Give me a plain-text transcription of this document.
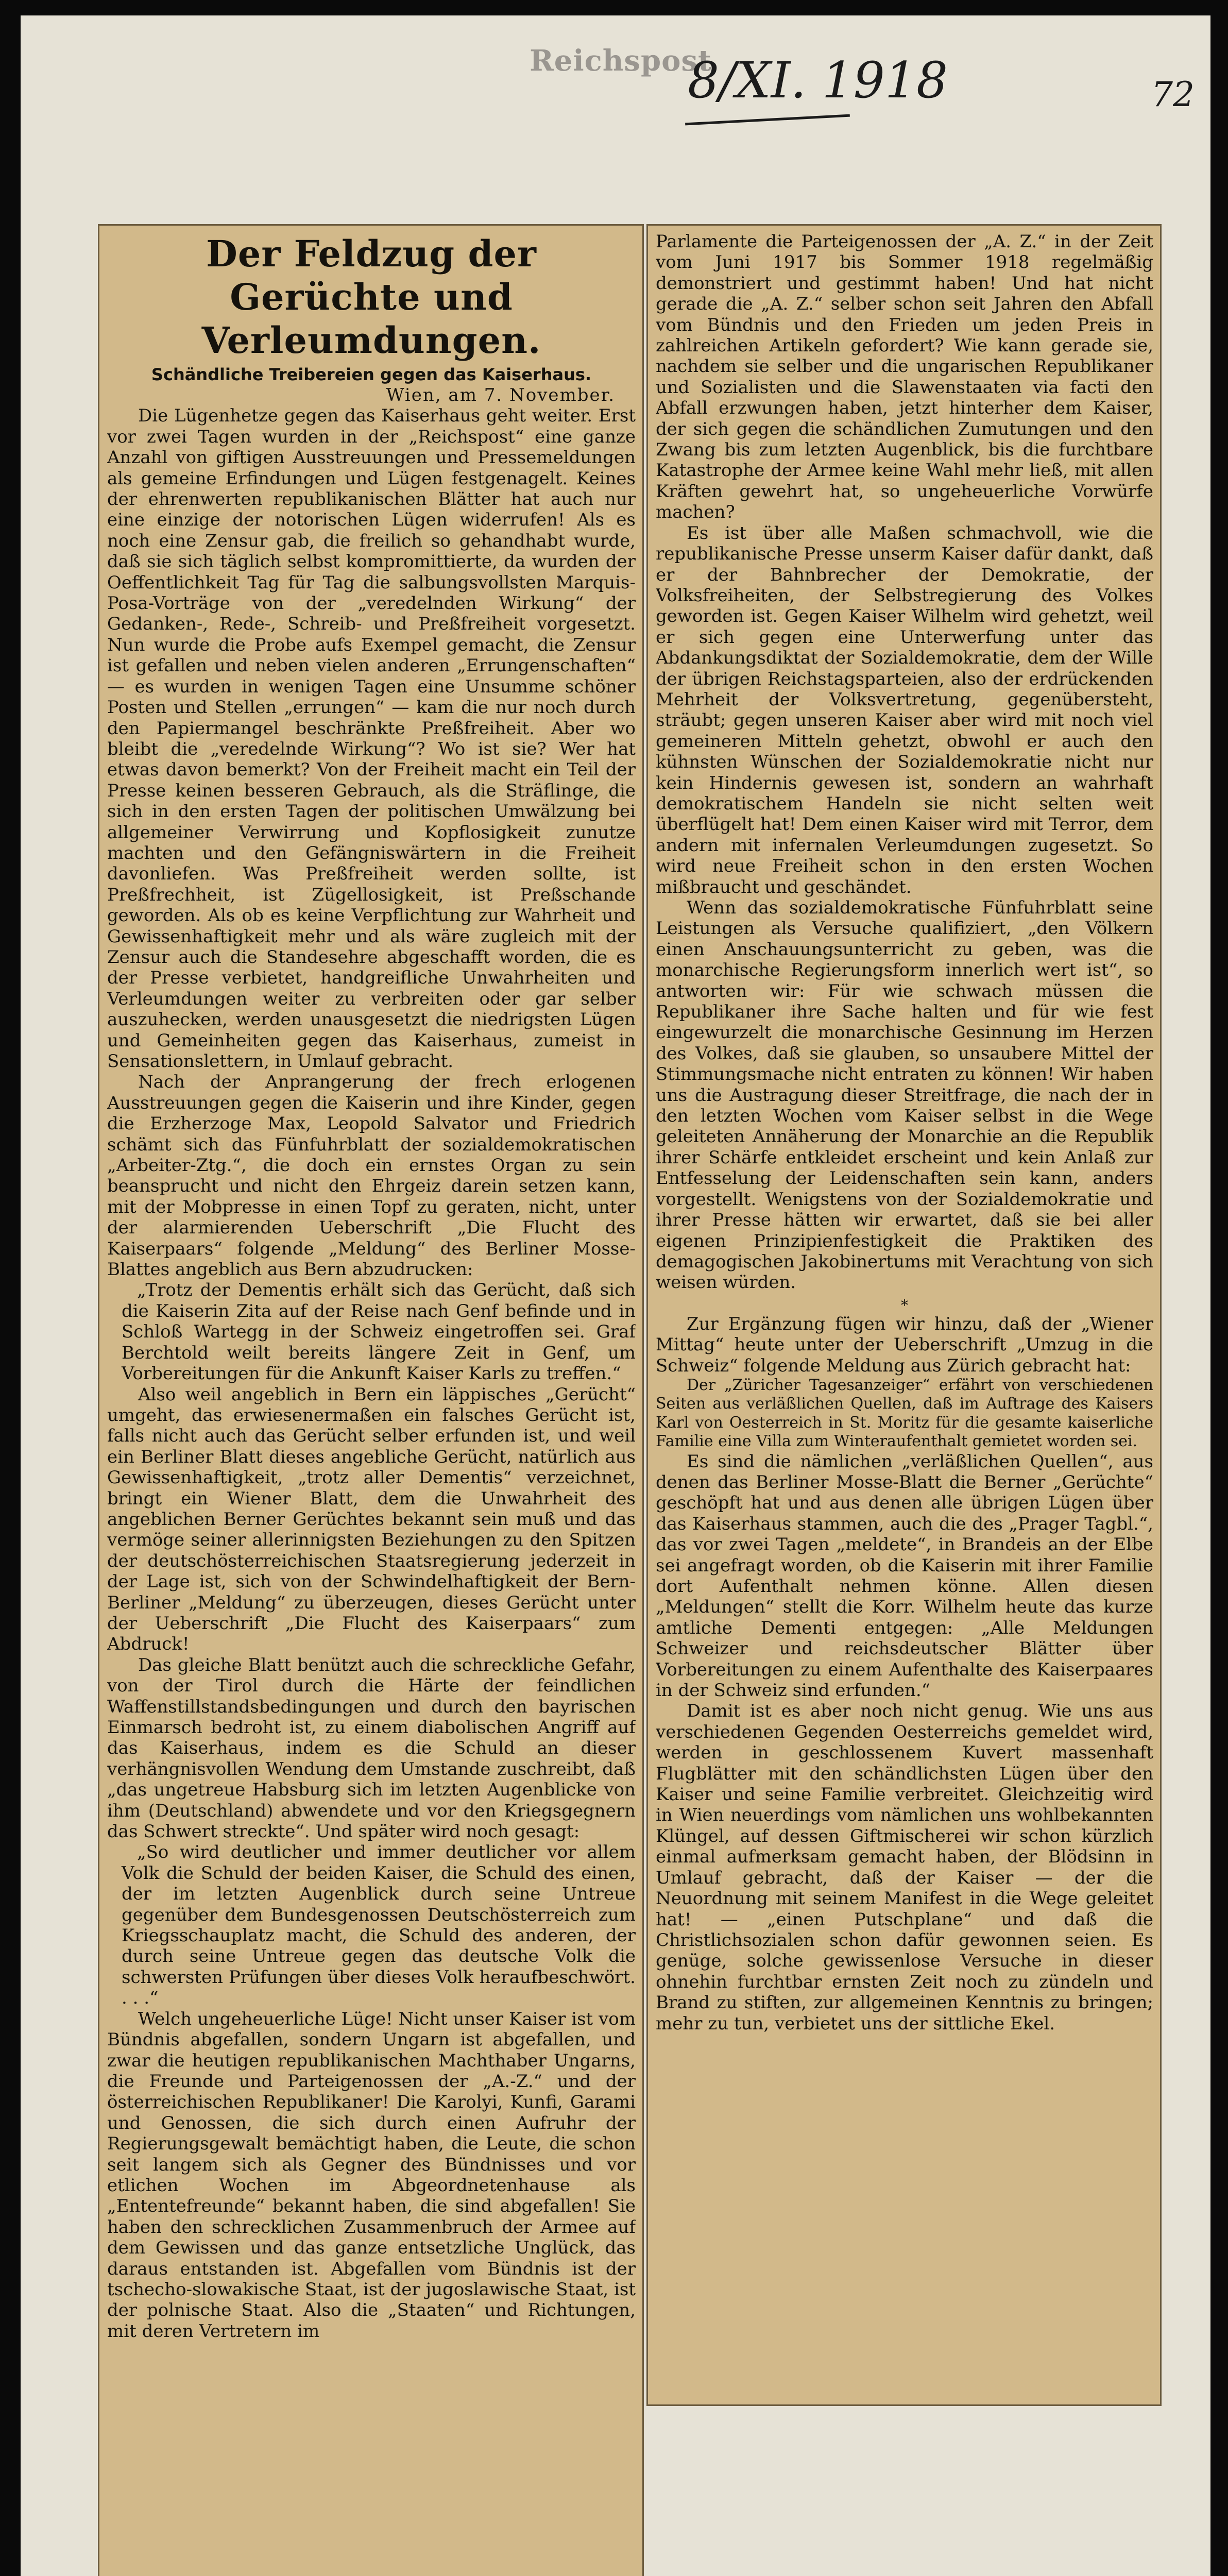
Reichspost
8/XI. 1918	72
Der Feldzug der Gerüchte und Verleumdungen.
Schändliche Treibereien gegen das Kaiserhaus.

Wien, am 7. November.

Die Lügenhetze gegen das Kaiserhaus geht weiter. Erst vor zwei Tagen wurden in der „Reichspost“ eine ganze Anzahl von giftigen Ausstreuungen und Pressemeldungen als gemeine Erfindungen und Lügen festgenagelt. Keines der ehrenwerten republikanischen Blätter hat auch nur eine einzige der notorischen Lügen widerrufen! Als es noch eine Zensur gab, die freilich so gehandhabt wurde, daß sie sich täglich selbst kompromittierte, da wurden der Oeffentlichkeit Tag für Tag die salbungsvollsten Marquis-Posa-Vorträge von der „veredelnden Wirkung“ der Gedanken-, Rede-, Schreib- und Preßfreiheit vorgesetzt. Nun wurde die Probe aufs Exempel gemacht, die Zensur ist gefallen und neben vielen anderen „Errungenschaften“ — es wurden in wenigen Tagen eine Unsumme schöner Posten und Stellen „errungen“ — kam die nur noch durch den Papiermangel beschränkte Preßfreiheit. Aber wo bleibt die „veredelnde Wirkung“? Wo ist sie? Wer hat etwas davon bemerkt? Von der Freiheit macht ein Teil der Presse keinen besseren Gebrauch, als die Sträflinge, die sich in den ersten Tagen der politischen Umwälzung bei allgemeiner Verwirrung und Kopflosigkeit zunutze machten und den Gefängniswärtern in die Freiheit davonliefen. Was Preßfreiheit werden sollte, ist Preßfrechheit, ist Zügellosigkeit, ist Preßschande geworden. Als ob es keine Verpflichtung zur Wahrheit und Gewissenhaftigkeit mehr und als wäre zugleich mit der Zensur auch die Standesehre abgeschafft worden, die es der Presse verbietet, handgreifliche Unwahrheiten und Verleumdungen weiter zu verbreiten oder gar selber auszuhecken, werden unausgesetzt die niedrigsten Lügen und Gemeinheiten gegen das Kaiserhaus, zumeist in Sensationslettern, in Umlauf gebracht.

Nach der Anprangerung der frech erlogenen Ausstreuungen gegen die Kaiserin und ihre Kinder, gegen die Erzherzoge Max, Leopold Salvator und Friedrich schämt sich das Fünfuhrblatt der sozialdemokratischen „Arbeiter-Ztg.“, die doch ein ernstes Organ zu sein beansprucht und nicht den Ehrgeiz darein setzen kann, mit der Mobpresse in einen Topf zu geraten, nicht, unter der alarmierenden Ueberschrift „Die Flucht des Kaiserpaars“ folgende „Meldung“ des Berliner Mosse-Blattes angeblich aus Bern abzudrucken:

„Trotz der Dementis erhält sich das Gerücht, daß sich die Kaiserin Zita auf der Reise nach Genf befinde und in Schloß Wartegg in der Schweiz eingetroffen sei. Graf Berchtold weilt bereits längere Zeit in Genf, um Vorbereitungen für die Ankunft Kaiser Karls zu treffen.“

Also weil angeblich in Bern ein läppisches „Gerücht“ umgeht, das erwiesenermaßen ein falsches Gerücht ist, falls nicht auch das Gerücht selber erfunden ist, und weil ein Berliner Blatt dieses angebliche Gerücht, natürlich aus Gewissenhaftigkeit, „trotz aller Dementis“ verzeichnet, bringt ein Wiener Blatt, dem die Unwahrheit des angeblichen Berner Gerüchtes bekannt sein muß und das vermöge seiner allerinnigsten Beziehungen zu den Spitzen der deutschösterreichischen Staatsregierung jederzeit in der Lage ist, sich von der Schwindelhaftigkeit der Bern-Berliner „Meldung“ zu überzeugen, dieses Gerücht unter der Ueberschrift „Die Flucht des Kaiserpaars“ zum Abdruck!

Das gleiche Blatt benützt auch die schreckliche Gefahr, von der Tirol durch die Härte der feindlichen Waffenstillstandsbedingungen und durch den bayrischen Einmarsch bedroht ist, zu einem diabolischen Angriff auf das Kaiserhaus, indem es die Schuld an dieser verhängnisvollen Wendung dem Umstande zuschreibt, daß „das ungetreue Habsburg sich im letzten Augenblicke von ihm (Deutschland) abwendete und vor den Kriegsgegnern das Schwert streckte“. Und später wird noch gesagt:

„So wird deutlicher und immer deutlicher vor allem Volk die Schuld der beiden Kaiser, die Schuld des einen, der im letzten Augenblick durch seine Untreue gegenüber dem Bundesgenossen Deutschösterreich zum Kriegsschauplatz macht, die Schuld des anderen, der durch seine Untreue gegen das deutsche Volk die schwersten Prüfungen über dieses Volk heraufbeschwört. . . .“

Welch ungeheuerliche Lüge! Nicht unser Kaiser ist vom Bündnis abgefallen, sondern Ungarn ist abgefallen, und zwar die heutigen republikanischen Machthaber Ungarns, die Freunde und Parteigenossen der „A.-Z.“ und der österreichischen Republikaner! Die Karolyi, Kunfi, Garami und Genossen, die sich durch einen Aufruhr der Regierungsgewalt bemächtigt haben, die Leute, die schon seit langem sich als Gegner des Bündnisses und vor etlichen Wochen im Abgeordnetenhause als „Ententefreunde“ bekannt haben, die sind abgefallen! Sie haben den schrecklichen Zusammenbruch der Armee auf dem Gewissen und das ganze entsetzliche Unglück, das daraus entstanden ist. Abgefallen vom Bündnis ist der tschecho-slowakische Staat, ist der jugoslawische Staat, ist der polnische Staat. Also die „Staaten“ und Richtungen, mit deren Vertretern im

Parlamente die Parteigenossen der „A. Z.“ in der Zeit vom Juni 1917 bis Sommer 1918 regelmäßig demonstriert und gestimmt haben! Und hat nicht gerade die „A. Z.“ selber schon seit Jahren den Abfall vom Bündnis und den Frieden um jeden Preis in zahlreichen Artikeln gefordert? Wie kann gerade sie, nachdem sie selber und die ungarischen Republikaner und Sozialisten und die Slawenstaaten via facti den Abfall erzwungen haben, jetzt hinterher dem Kaiser, der sich gegen die schändlichen Zumutungen und den Zwang bis zum letzten Augenblick, bis die furchtbare Katastrophe der Armee keine Wahl mehr ließ, mit allen Kräften gewehrt hat, so ungeheuerliche Vorwürfe machen?

Es ist über alle Maßen schmachvoll, wie die republikanische Presse unserm Kaiser dafür dankt, daß er der Bahnbrecher der Demokratie, der Volksfreiheiten, der Selbstregierung des Volkes geworden ist. Gegen Kaiser Wilhelm wird gehetzt, weil er sich gegen eine Unterwerfung unter das Abdankungsdiktat der Sozialdemokratie, dem der Wille der übrigen Reichstagsparteien, also der erdrückenden Mehrheit der Volksvertretung, gegenübersteht, sträubt; gegen unseren Kaiser aber wird mit noch viel gemeineren Mitteln gehetzt, obwohl er auch den kühnsten Wünschen der Sozialdemokratie nicht nur kein Hindernis gewesen ist, sondern an wahrhaft demokratischem Handeln sie nicht selten weit überflügelt hat! Dem einen Kaiser wird mit Terror, dem andern mit infernalen Verleumdungen zugesetzt. So wird neue Freiheit schon in den ersten Wochen mißbraucht und geschändet.

Wenn das sozialdemokratische Fünfuhrblatt seine Leistungen als Versuche qualifiziert, „den Völkern einen Anschauungsunterricht zu geben, was die monarchische Regierungsform innerlich wert ist“, so antworten wir: Für wie schwach müssen die Republikaner ihre Sache halten und für wie fest eingewurzelt die monarchische Gesinnung im Herzen des Volkes, daß sie glauben, so unsaubere Mittel der Stimmungsmache nicht entraten zu können! Wir haben uns die Austragung dieser Streitfrage, die nach der in den letzten Wochen vom Kaiser selbst in die Wege geleiteten Annäherung der Monarchie an die Republik ihrer Schärfe entkleidet erscheint und kein Anlaß zur Entfesselung der Leidenschaften sein kann, anders vorgestellt. Wenigstens von der Sozialdemokratie und ihrer Presse hätten wir erwartet, daß sie bei aller eigenen Prinzipienfestigkeit die Praktiken des demagogischen Jakobinertums mit Verachtung von sich weisen würden.

*

Zur Ergänzung fügen wir hinzu, daß der „Wiener Mittag“ heute unter der Ueberschrift „Umzug in die Schweiz“ folgende Meldung aus Zürich gebracht hat:

Der „Züricher Tagesanzeiger“ erfährt von verschiedenen Seiten aus verläßlichen Quellen, daß im Auftrage des Kaisers Karl von Oesterreich in St. Moritz für die gesamte kaiserliche Familie eine Villa zum Winteraufenthalt gemietet worden sei.

Es sind die nämlichen „verläßlichen Quellen“, aus denen das Berliner Mosse-Blatt die Berner „Gerüchte“ geschöpft hat und aus denen alle übrigen Lügen über das Kaiserhaus stammen, auch die des „Prager Tagbl.“, das vor zwei Tagen „meldete“, in Brandeis an der Elbe sei angefragt worden, ob die Kaiserin mit ihrer Familie dort Aufenthalt nehmen könne. Allen diesen „Meldungen“ stellt die Korr. Wilhelm heute das kurze amtliche Dementi entgegen: „Alle Meldungen Schweizer und reichsdeutscher Blätter über Vorbereitungen zu einem Aufenthalte des Kaiserpaares in der Schweiz sind erfunden.“

Damit ist es aber noch nicht genug. Wie uns aus verschiedenen Gegenden Oesterreichs gemeldet wird, werden in geschlossenem Kuvert massenhaft Flugblätter mit den schändlichsten Lügen über den Kaiser und seine Familie verbreitet. Gleichzeitig wird in Wien neuerdings vom nämlichen uns wohlbekannten Klüngel, auf dessen Giftmischerei wir schon kürzlich einmal aufmerksam gemacht haben, der Blödsinn in Umlauf gebracht, daß der Kaiser — der die Neuordnung mit seinem Manifest in die Wege geleitet hat! — „einen Putschplane“ und daß die Christlichsozialen schon dafür gewonnen seien. Es genüge, solche gewissenlose Versuche in dieser ohnehin furchtbar ernsten Zeit noch zu zündeln und Brand zu stiften, zur allgemeinen Kenntnis zu bringen; mehr zu tun, verbietet uns der sittliche Ekel.
